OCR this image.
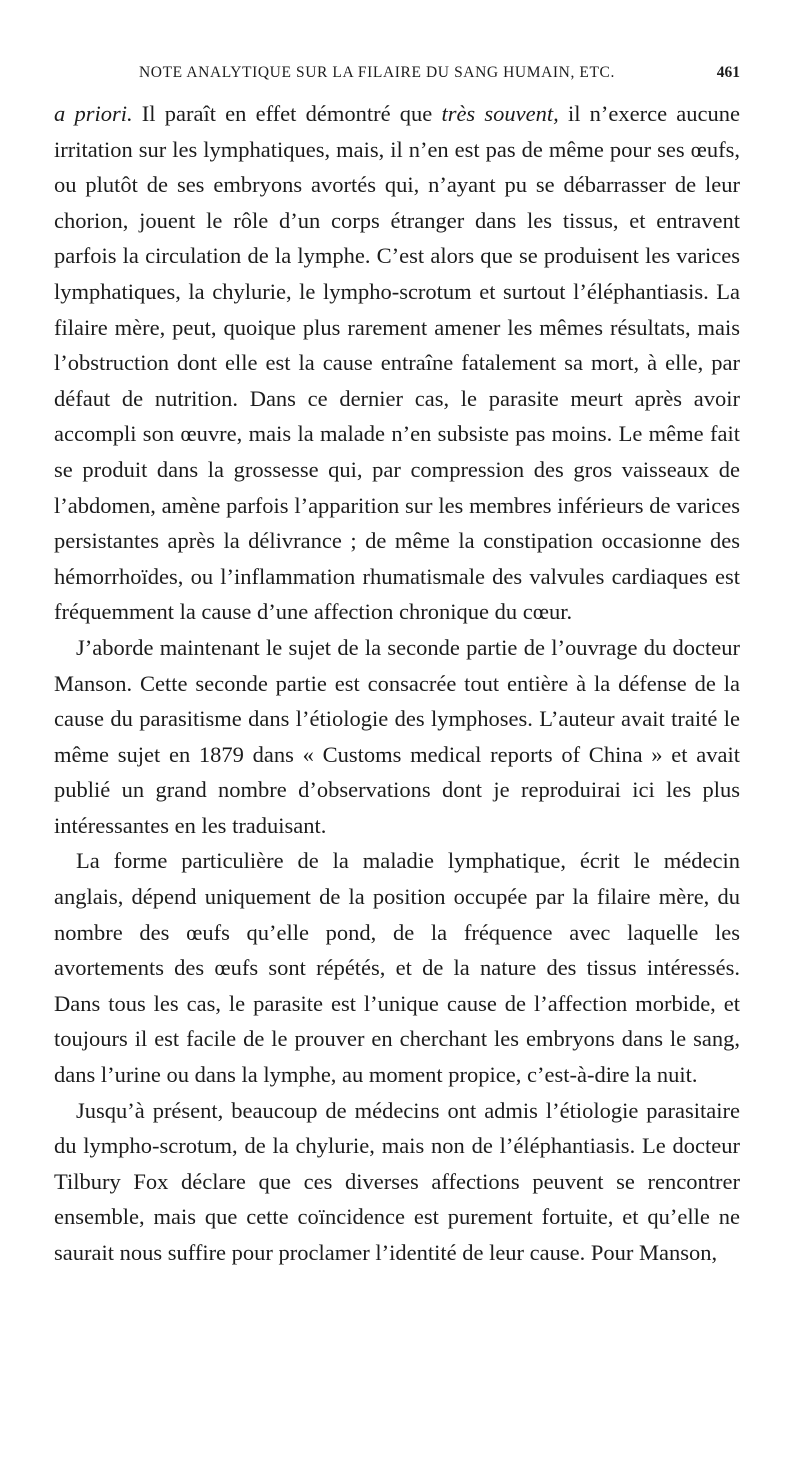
NOTE ANALYTIQUE SUR LA FILAIRE DU SANG HUMAIN, ETC.	461

a priori. Il paraît en effet démontré que très souvent, il n’exerce aucune irritation sur les lymphatiques, mais, il n’en est pas de même pour ses œufs, ou plutôt de ses embryons avortés qui, n’ayant pu se débarrasser de leur chorion, jouent le rôle d’un corps étranger dans les tissus, et entravent parfois la circulation de la lymphe. C’est alors que se produisent les varices lymphatiques, la chylurie, le lympho-scrotum et surtout l’éléphantiasis. La filaire mère, peut, quoique plus rarement amener les mêmes résultats, mais l’obstruction dont elle est la cause entraîne fatalement sa mort, à elle, par défaut de nutrition. Dans ce dernier cas, le parasite meurt après avoir accompli son œuvre, mais la malade n’en subsiste pas moins. Le même fait se produit dans la grossesse qui, par compression des gros vaisseaux de l’abdomen, amène parfois l’apparition sur les membres inférieurs de varices persistantes après la délivrance ; de même la constipation occasionne des hémorrhoïdes, ou l’inflammation rhumatismale des valvules cardiaques est fréquemment la cause d’une affection chronique du cœur.

J’aborde maintenant le sujet de la seconde partie de l’ouvrage du docteur Manson. Cette seconde partie est consacrée tout entière à la défense de la cause du parasitisme dans l’étiologie des lymphoses. L’auteur avait traité le même sujet en 1879 dans « Customs medical reports of China » et avait publié un grand nombre d’observations dont je reproduirai ici les plus intéressantes en les traduisant.

La forme particulière de la maladie lymphatique, écrit le médecin anglais, dépend uniquement de la position occupée par la filaire mère, du nombre des œufs qu’elle pond, de la fréquence avec laquelle les avortements des œufs sont répétés, et de la nature des tissus intéressés. Dans tous les cas, le parasite est l’unique cause de l’affection morbide, et toujours il est facile de le prouver en cherchant les embryons dans le sang, dans l’urine ou dans la lymphe, au moment propice, c’est-à-dire la nuit.

Jusqu’à présent, beaucoup de médecins ont admis l’étiologie parasitaire du lympho-scrotum, de la chylurie, mais non de l’éléphantiasis. Le docteur Tilbury Fox déclare que ces diverses affections peuvent se rencontrer ensemble, mais que cette coïncidence est purement fortuite, et qu’elle ne saurait nous suffire pour proclamer l’identité de leur cause. Pour Manson,
